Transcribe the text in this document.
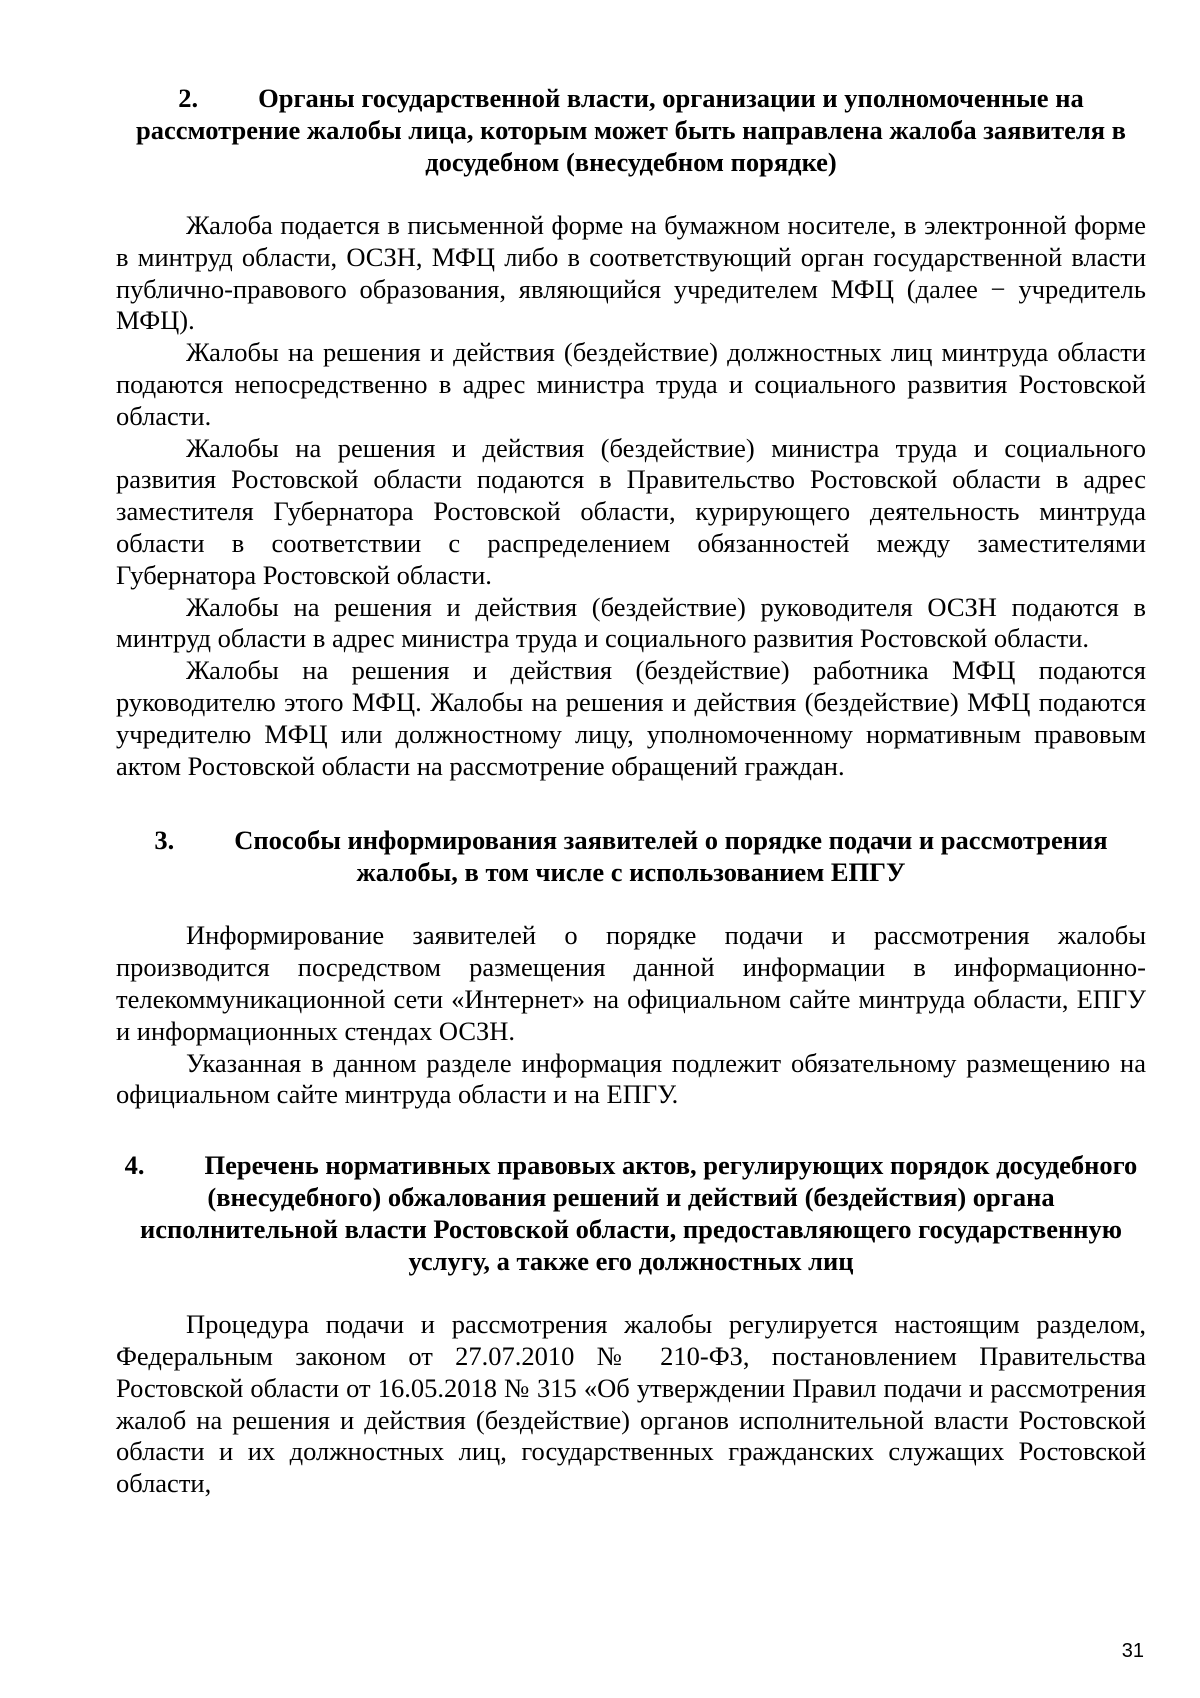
2. Органы государственной власти, организации и уполномоченные на рассмотрение жалобы лица, которым может быть направлена жалоба заявителя в досудебном (внесудебном порядке)

Жалоба подается в письменной форме на бумажном носителе, в электронной форме в минтруд области, ОСЗН, МФЦ либо в соответствующий орган государственной власти публично-правового образования, являющийся учредителем МФЦ (далее − учредитель МФЦ).

Жалобы на решения и действия (бездействие) должностных лиц минтруда области подаются непосредственно в адрес министра труда и социального развития Ростовской области.

Жалобы на решения и действия (бездействие) министра труда и социального развития Ростовской области подаются в Правительство Ростовской области в адрес заместителя Губернатора Ростовской области, курирующего деятельность минтруда области в соответствии с распределением обязанностей между заместителями Губернатора Ростовской области.

Жалобы на решения и действия (бездействие) руководителя ОСЗН подаются в минтруд области в адрес министра труда и социального развития Ростовской области.

Жалобы на решения и действия (бездействие) работника МФЦ подаются руководителю этого МФЦ. Жалобы на решения и действия (бездействие) МФЦ подаются учредителю МФЦ или должностному лицу, уполномоченному нормативным правовым актом Ростовской области на рассмотрение обращений граждан.

3. Способы информирования заявителей о порядке подачи и рассмотрения жалобы, в том числе с использованием ЕПГУ

Информирование заявителей о порядке подачи и рассмотрения жалобы производится посредством размещения данной информации в информационно-телекоммуникационной сети «Интернет» на официальном сайте минтруда области, ЕПГУ и информационных стендах ОСЗН.

Указанная в данном разделе информация подлежит обязательному размещению на официальном сайте минтруда области и на ЕПГУ.

4. Перечень нормативных правовых актов, регулирующих порядок досудебного (внесудебного) обжалования решений и действий (бездействия) органа исполнительной власти Ростовской области, предоставляющего государственную услугу, а также его должностных лиц

Процедура подачи и рассмотрения жалобы регулируется настоящим разделом, Федеральным законом от 27.07.2010 № 210-ФЗ, постановлением Правительства Ростовской области от 16.05.2018 № 315 «Об утверждении Правил подачи и рассмотрения жалоб на решения и действия (бездействие) органов исполнительной власти Ростовской области и их должностных лиц, государственных гражданских служащих Ростовской области,

31
